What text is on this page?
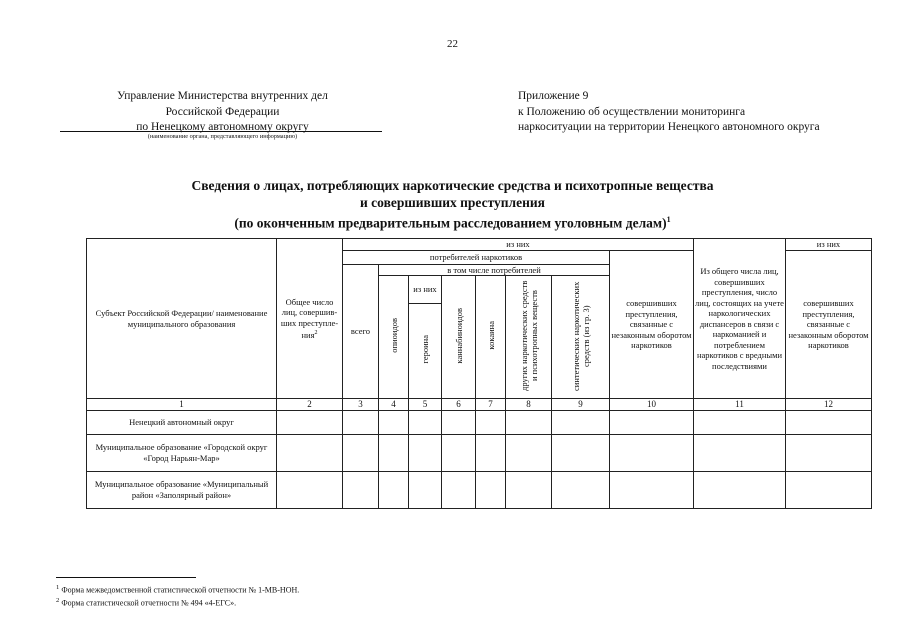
22
Управление Министерства внутренних дел
Российской Федерации
по Ненецкому автономному округу
(наименование органа, представляющего информацию)
Приложение 9
к Положению об осуществлении мониторинга
наркоситуации на территории Ненецкого автономного округа
Сведения о лицах, потребляющих наркотические средства и психотропные вещества
и совершивших преступления
(по оконченным предварительным расследованием уголовным делам)$^1$
Субъект Российской Федерации/ наименование муниципального образования	Общее число лиц, совершив-ших преступле-ния$^2$	из них								Из общего числа лиц, совершивших преступления, число лиц, состоящих на учете наркологических диспансеров в связи с наркоманией и потреблением наркотиков с вредными последствиями	из них
		потребителей наркотиков							совершивших преступления, связанные с незаконным оборотом наркотиков		совершивших преступления, связанные с незаконным оборотом наркотиков
		всего	в том числе потребителей								
			опиоидов	из них	каннабиноидов	кокаина	других наркотических средств и психотропных веществ	синтетических наркотических средств (из гр. 3)			
				героина							
1	2	3	4	5	6	7	8	9	10	11	12
Ненецкий автономный округ											
Муниципальное образование «Городской округ «Город Нарьян-Мар»											
Муниципальное образование «Муниципальный район «Заполярный район»											
$^1$ Форма межведомственной статистической отчетности № 1-МВ-НОН.
$^2$ Форма статистической отчетности № 494 «4-ЕГС».
